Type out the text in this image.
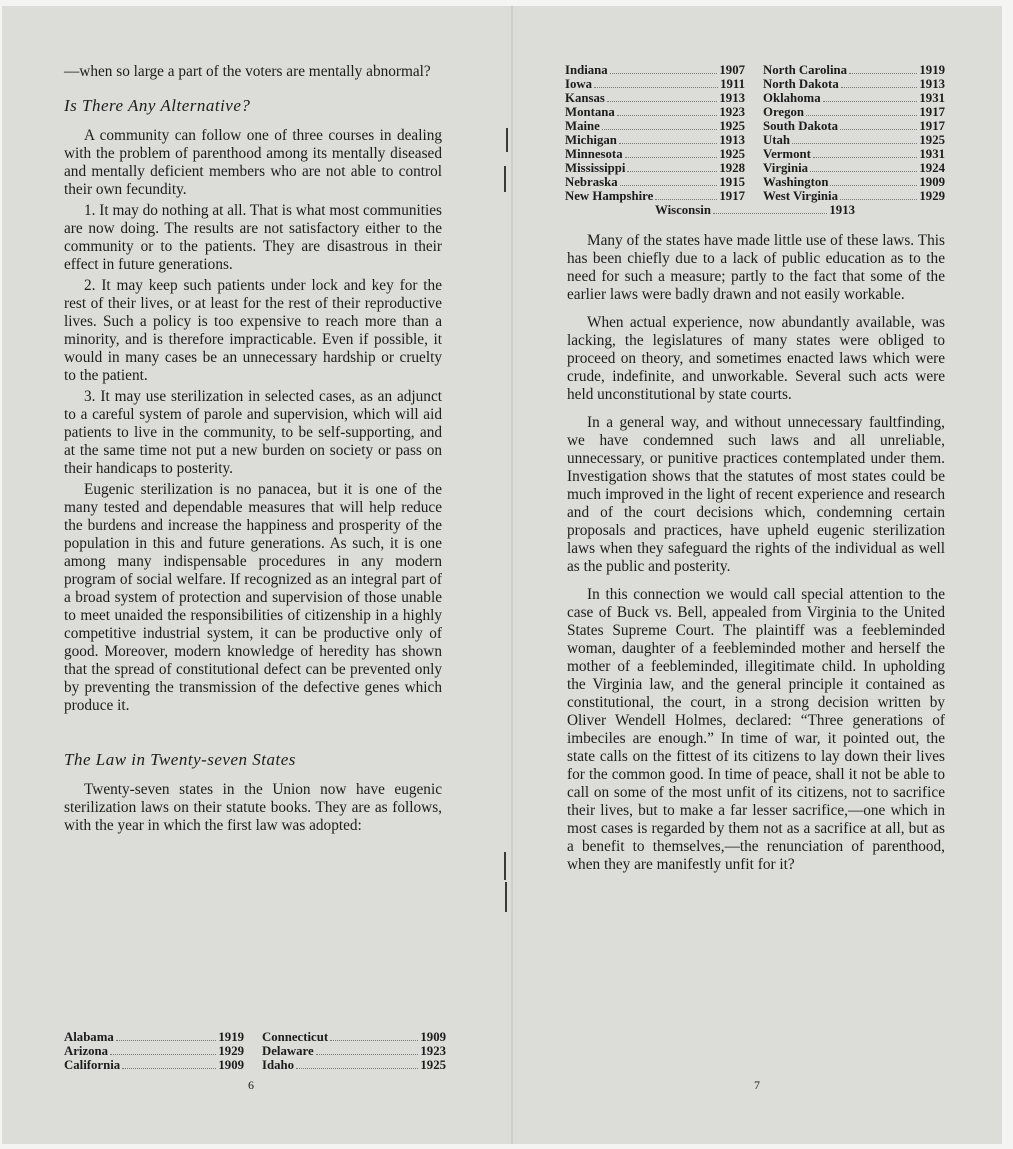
—when so large a part of the voters are mentally abnormal?

Is There Any Alternative?

A community can follow one of three courses in dealing with the problem of parenthood among its mentally diseased and mentally deficient members who are not able to control their own fecundity.

1. It may do nothing at all. That is what most communities are now doing. The results are not satisfactory either to the community or to the patients. They are disastrous in their effect in future generations.

2. It may keep such patients under lock and key for the rest of their lives, or at least for the rest of their reproductive lives. Such a policy is too expensive to reach more than a minority, and is therefore impracticable. Even if possible, it would in many cases be an unnecessary hardship or cruelty to the patient.

3. It may use sterilization in selected cases, as an adjunct to a careful system of parole and supervision, which will aid patients to live in the community, to be self-supporting, and at the same time not put a new burden on society or pass on their handicaps to posterity.

Eugenic sterilization is no panacea, but it is one of the many tested and dependable measures that will help reduce the burdens and increase the happiness and prosperity of the population in this and future generations. As such, it is one among many indispensable procedures in any modern program of social welfare. If recognized as an integral part of a broad system of protection and supervision of those unable to meet unaided the responsibilities of citizenship in a highly competitive industrial system, it can be productive only of good. Moreover, modern knowledge of heredity has shown that the spread of constitutional defect can be prevented only by preventing the transmission of the defective genes which produce it.

The Law in Twenty-seven States

Twenty-seven states in the Union now have eugenic sterilization laws on their statute books. They are as follows, with the year in which the first law was adopted:

Alabama	1919 Connecticut	1909
Arizona	1929 Delaware	1923
California	1909 Idaho	1925
6
Indiana	1907 North Carolina	1919
Iowa	1911 North Dakota	1913
Kansas	1913 Oklahoma	1931
Montana	1923 Oregon	1917
Maine	1925 South Dakota	1917
Michigan	1913 Utah	1925
Minnesota	1925 Vermont	1931
Mississippi	1928 Virginia	1924
Nebraska	1915 Washington	1909
New Hampshire	1917 West Virginia	1929
Wisconsin	1913

Many of the states have made little use of these laws. This has been chiefly due to a lack of public education as to the need for such a measure; partly to the fact that some of the earlier laws were badly drawn and not easily workable.

When actual experience, now abundantly available, was lacking, the legislatures of many states were obliged to proceed on theory, and sometimes enacted laws which were crude, indefinite, and unworkable. Several such acts were held unconstitutional by state courts.

In a general way, and without unnecessary faultfinding, we have condemned such laws and all unreliable, unnecessary, or punitive practices contemplated under them. Investigation shows that the statutes of most states could be much improved in the light of recent experience and research and of the court decisions which, condemning certain proposals and practices, have upheld eugenic sterilization laws when they safeguard the rights of the individual as well as the public and posterity.

In this connection we would call special attention to the case of Buck vs. Bell, appealed from Virginia to the United States Supreme Court. The plaintiff was a feebleminded woman, daughter of a feebleminded mother and herself the mother of a feebleminded, illegitimate child. In upholding the Virginia law, and the general principle it contained as constitutional, the court, in a strong decision written by Oliver Wendell Holmes, declared: “Three generations of imbeciles are enough.” In time of war, it pointed out, the state calls on the fittest of its citizens to lay down their lives for the common good. In time of peace, shall it not be able to call on some of the most unfit of its citizens, not to sacrifice their lives, but to make a far lesser sacrifice,—one which in most cases is regarded by them not as a sacrifice at all, but as a benefit to themselves,—the renunciation of parenthood, when they are manifestly unfit for it?

7
